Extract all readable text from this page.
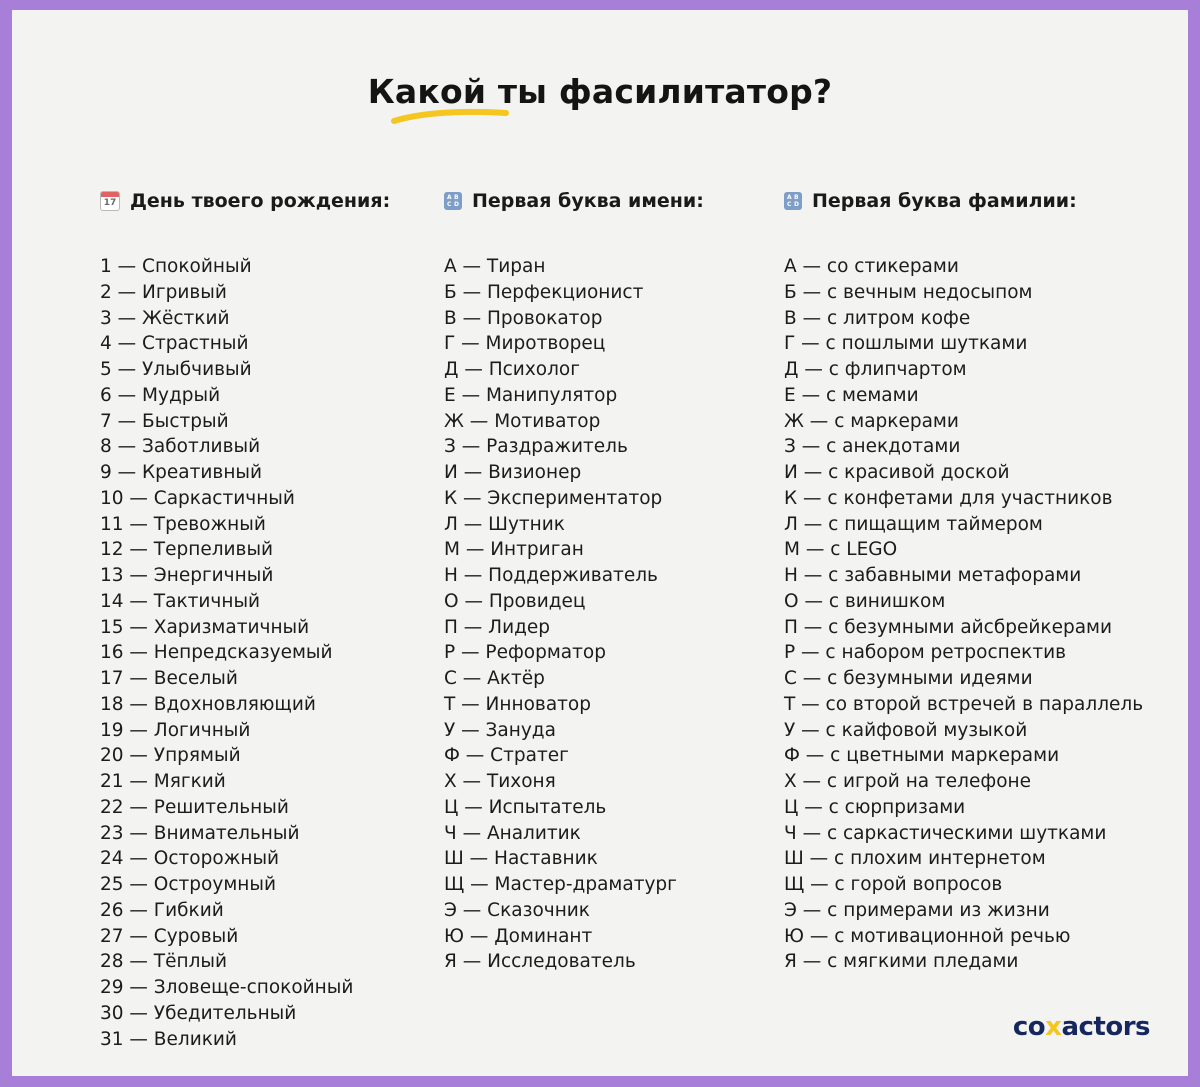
Какой ты фасилитатор?
17 День твоего рождения:
1 — Спокойный
2 — Игривый
3 — Жёсткий
4 — Страстный
5 — Улыбчивый
6 — Мудрый
7 — Быстрый
8 — Заботливый
9 — Креативный
10 — Саркастичный
11 — Тревожный
12 — Терпеливый
13 — Энергичный
14 — Тактичный
15 — Харизматичный
16 — Непредсказуемый
17 — Веселый
18 — Вдохновляющий
19 — Логичный
20 — Упрямый
21 — Мягкий
22 — Решительный
23 — Внимательный
24 — Осторожный
25 — Остроумный
26 — Гибкий
27 — Суровый
28 — Тёплый
29 — Зловеще-спокойный
30 — Убедительный
31 — Великий
A B
C D Первая буква имени:
А — Тиран
Б — Перфекционист
В — Провокатор
Г — Миротворец
Д — Психолог
Е — Манипулятор
Ж — Мотиватор
З — Раздражитель
И — Визионер
К — Экспериментатор
Л — Шутник
М — Интриган
Н — Поддерживатель
О — Провидец
П — Лидер
Р — Реформатор
С — Актёр
Т — Инноватор
У — Зануда
Ф — Стратег
Х — Тихоня
Ц — Испытатель
Ч — Аналитик
Ш — Наставник
Щ — Мастер-драматург
Э — Сказочник
Ю — Доминант
Я — Исследователь
A B
C D Первая буква фамилии:
А — со стикерами
Б — с вечным недосыпом
В — с литром кофе
Г — с пошлыми шутками
Д — с флипчартом
Е — с мемами
Ж — с маркерами
З — с анекдотами
И — с красивой доской
К — с конфетами для участников
Л — с пищащим таймером
М — с LEGO
Н — с забавными метафорами
О — с винишком
П — с безумными айсбрейкерами
Р — с набором ретроспектив
С — с безумными идеями
Т — со второй встречей в параллель
У — с кайфовой музыкой
Ф — с цветными маркерами
Х — с игрой на телефоне
Ц — с сюрпризами
Ч — с саркастическими шутками
Ш — с плохим интернетом
Щ — с горой вопросов
Э — с примерами из жизни
Ю — с мотивационной речью
Я — с мягкими пледами
coxactors
